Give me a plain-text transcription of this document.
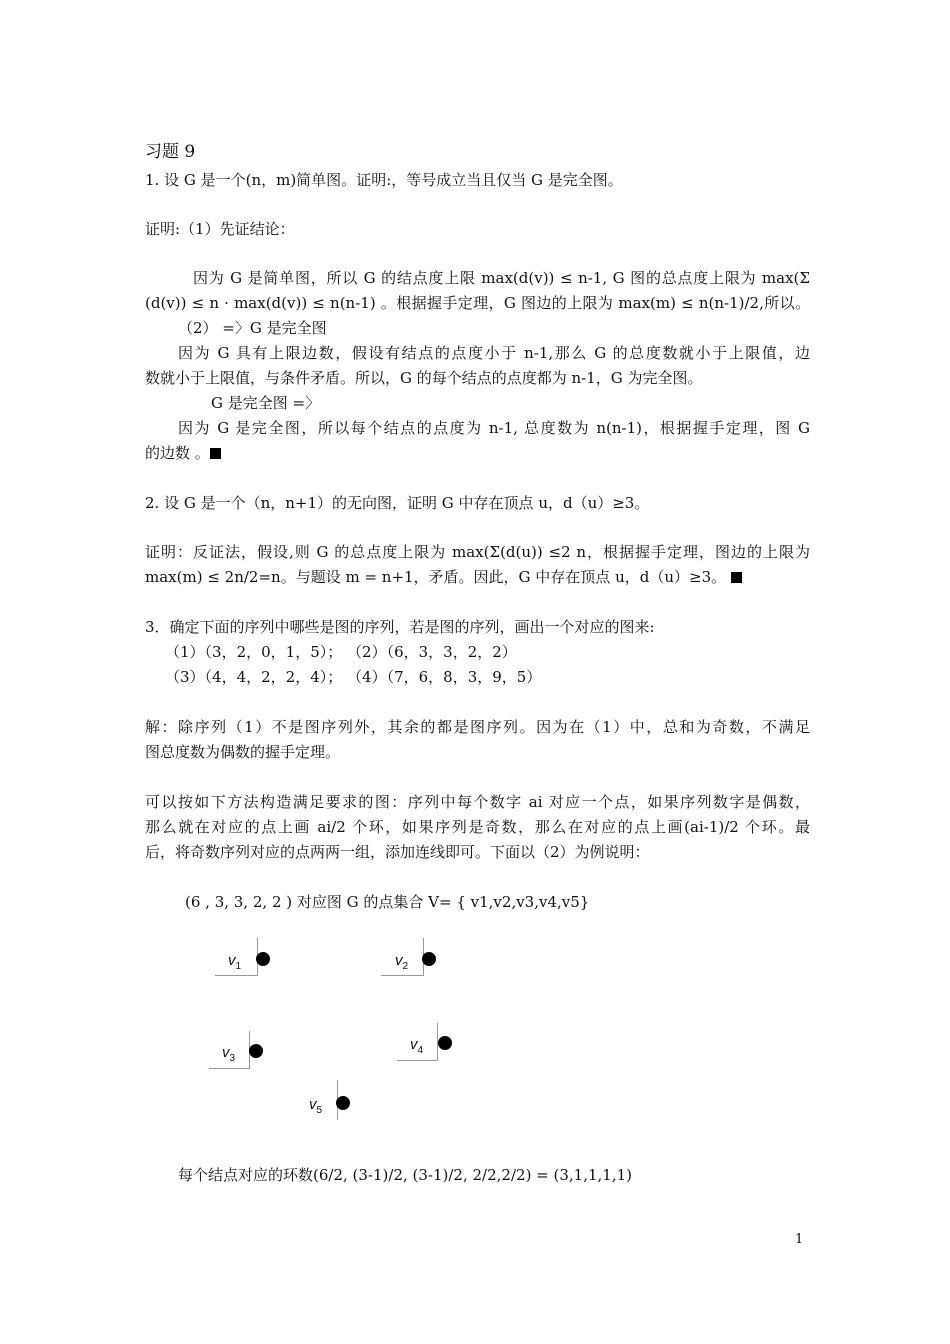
习题 9
1. 设 G 是一个(n，m)简单图。证明:，等号成立当且仅当 G 是完全图。
证明:（1）先证结论：
因为 G 是简单图，所以 G 的结点度上限 max(d(v)) ≤ n-1, G 图的总点度上限为 max(Σ
(d(v)) ≤ n · max(d(v)) ≤ n(n-1) 。根据握手定理，G 图边的上限为 max(m) ≤ n(n-1)/2,所以。
（2） =〉G 是完全图
因为 G 具有上限边数，假设有结点的点度小于 n-1,那么 G 的总度数就小于上限值，边
数就小于上限值，与条件矛盾。所以，G 的每个结点的点度都为 n-1，G 为完全图。
G 是完全图 =〉
因为 G 是完全图，所以每个结点的点度为 n-1, 总度数为 n(n-1)，根据握手定理，图 G
的边数 。
2. 设 G 是一个（n，n+1）的无向图，证明 G 中存在顶点 u，d（u）≥3。
证明：反证法，假设,则 G 的总点度上限为 max(Σ(d(u)) ≤2 n，根据握手定理，图边的上限为
max(m) ≤ 2n/2=n。与题设 m = n+1，矛盾。因此，G 中存在顶点 u，d（u）≥3。
3．确定下面的序列中哪些是图的序列，若是图的序列，画出一个对应的图来:
（1）（3，2，0，1，5）； （2）（6，3，3，2，2）
（3）（4，4，2，2，4）； （4）（7，6，8，3，9，5）
解：除序列（1）不是图序列外，其余的都是图序列。因为在（1）中，总和为奇数，不满足
图总度数为偶数的握手定理。
可以按如下方法构造满足要求的图：序列中每个数字 ai 对应一个点，如果序列数字是偶数，
那么就在对应的点上画 ai/2 个环，如果序列是奇数，那么在对应的点上画(ai-1)/2 个环。最
后，将奇数序列对应的点两两一组，添加连线即可。下面以（2）为例说明：
(6 , 3, 3, 2, 2 ) 对应图 G 的点集合 V= { v1,v2,v3,v4,v5}
$v_1$	$v_2$
$v_3$
$v_4$
$v_5$
每个结点对应的环数(6/2, (3-1)/2, (3-1)/2, 2/2,2/2) = (3,1,1,1,1)
1
